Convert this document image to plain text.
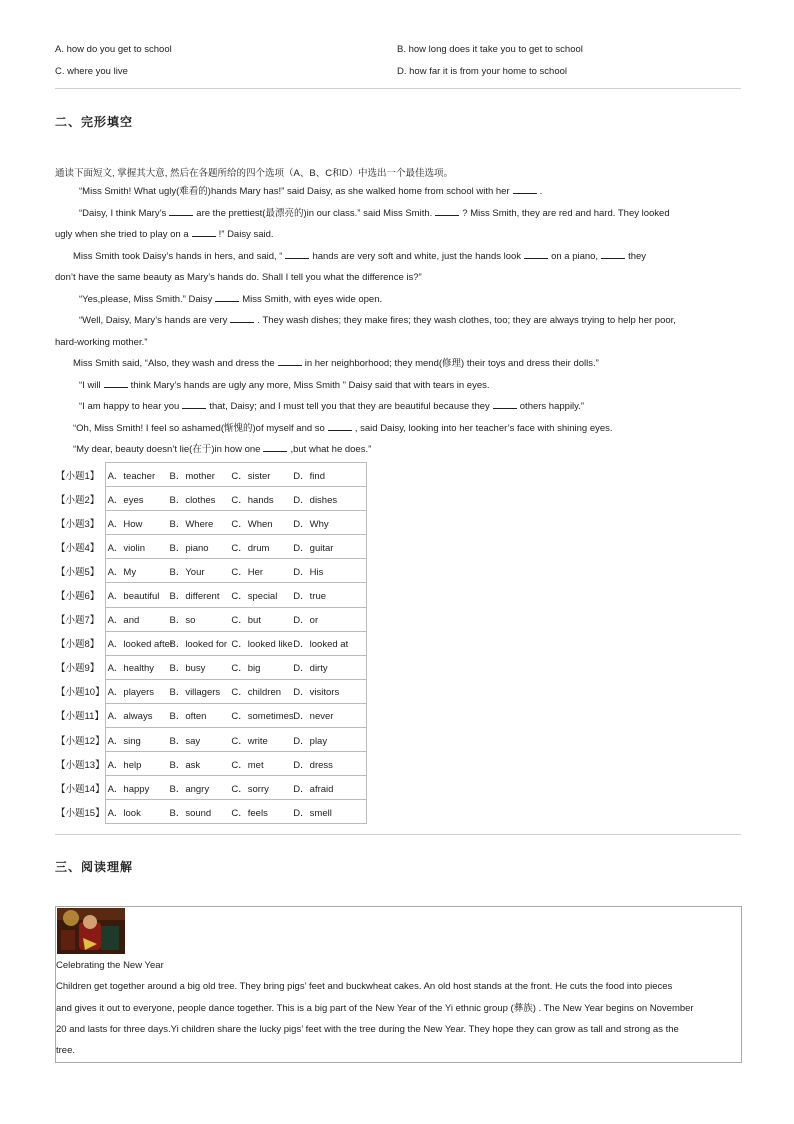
A. how do you get to school	B. how long does it take you to get to school
C. where you live	D. how far it is from your home to school
二、完形填空
通读下面短文, 掌握其大意, 然后在各题所给的四个选项（A、B、C和D）中选出一个最佳选项。

“Miss Smith! What ugly(难看的)hands Mary has!” said Daisy, as she walked home from school with her	.

“Daisy, I think Mary’s	are the prettiest(最漂亮的)in our class.” said Miss Smith.	? Miss Smith, they are red and hard. They looked

ugly when she tried to play on a	!” Daisy said.

Miss Smith took Daisy’s hands in hers, and said, “	hands are very soft and white, just the hands look	on a piano,	they

don’t have the same beauty as Mary’s hands do. Shall I tell you what the difference is?”

“Yes,please, Miss Smith.” Daisy	Miss Smith, with eyes wide open.

“Well, Daisy, Mary’s hands are very	. They wash dishes; they make fires; they wash clothes, too; they are always trying to help her poor,

hard-working mother.”

Miss Smith said, “Also, they wash and dress the	in her neighborhood; they mend(修理) their toys and dress their dolls.”

“I will	think Mary’s hands are ugly any more, Miss Smith ” Daisy said that with tears in eyes.

“I am happy to hear you	that, Daisy; and I must tell you that they are beautiful because they	others happily.”

“Oh, Miss Smith! I feel so ashamed(惭愧的)of myself and so	, said Daisy, looking into her teacher’s face with shining eyes.

“My dear, beauty doesn’t lie(在于)in how one	,but what he does.”

【小题1】	A．teacher B．mother C．sister D．find
【小题2】	A．eyes B．clothes C．hands D．dishes
【小题3】	A．How B．Where C．When D．Why
【小题4】	A．violin B．piano C．drum D．guitar
【小题5】	A．My B．Your C．Her D．His
【小题6】	A．beautiful B．different C．special D．true
【小题7】	A．and B．so C．but D．or
【小题8】	A．looked afterB．looked for C．looked likeD．looked at
【小题9】	A．healthy B．busy C．big D．dirty
【小题10】	A．players B．villagers C．children D．visitors
【小题11】	A．always B．often C．sometimesD．never
【小题12】	A．sing B．say C．write D．play
【小题13】	A．help B．ask C．met D．dress
【小题14】	A．happy B．angry C．sorry D．afraid
【小题15】	A．look B．sound C．feels D．smell
三、阅读理解

Celebrating the New Year

Children get together around a big old tree. They bring pigs’ feet and buckwheat cakes. An old host stands at the front. He cuts the food into pieces

and gives it out to everyone, people dance together. This is a big part of the New Year of the Yi ethnic group (彝族) . The New Year begins on November

20 and lasts for three days.Yi children share the lucky pigs’ feet with the tree during the New Year. They hope they can grow as tall and strong as the

tree.
